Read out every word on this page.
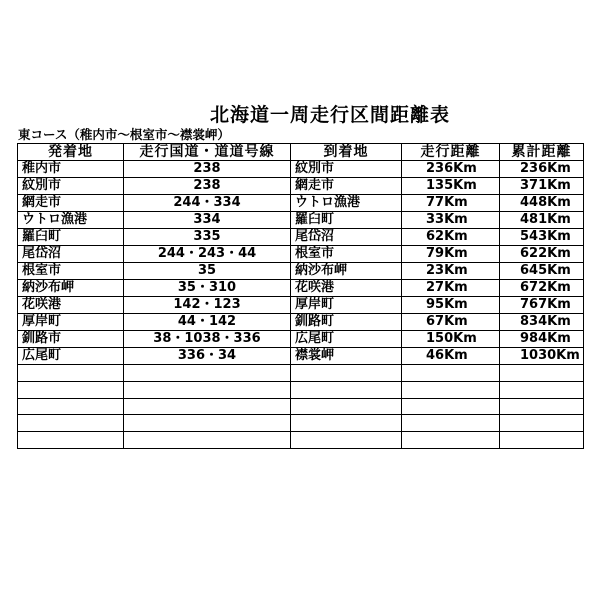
北海道一周走行区間距離表
東コース（稚内市～根室市～襟裳岬）
発着地	走行国道・道道号線	到着地	走行距離	累計距離
稚内市	238	紋別市	236Km	236Km
紋別市	238	網走市	135Km	371Km
網走市	244・334	ウトロ漁港	77Km	448Km
ウトロ漁港	334	羅臼町	33Km	481Km
羅臼町	335	尾岱沼	62Km	543Km
尾岱沼	244・243・44	根室市	79Km	622Km
根室市	35	納沙布岬	23Km	645Km
納沙布岬	35・310	花咲港	27Km	672Km
花咲港	142・123	厚岸町	95Km	767Km
厚岸町	44・142	釧路町	67Km	834Km
釧路市	38・1038・336	広尾町	150Km	984Km
広尾町	336・34	襟裳岬	46Km	1030Km
